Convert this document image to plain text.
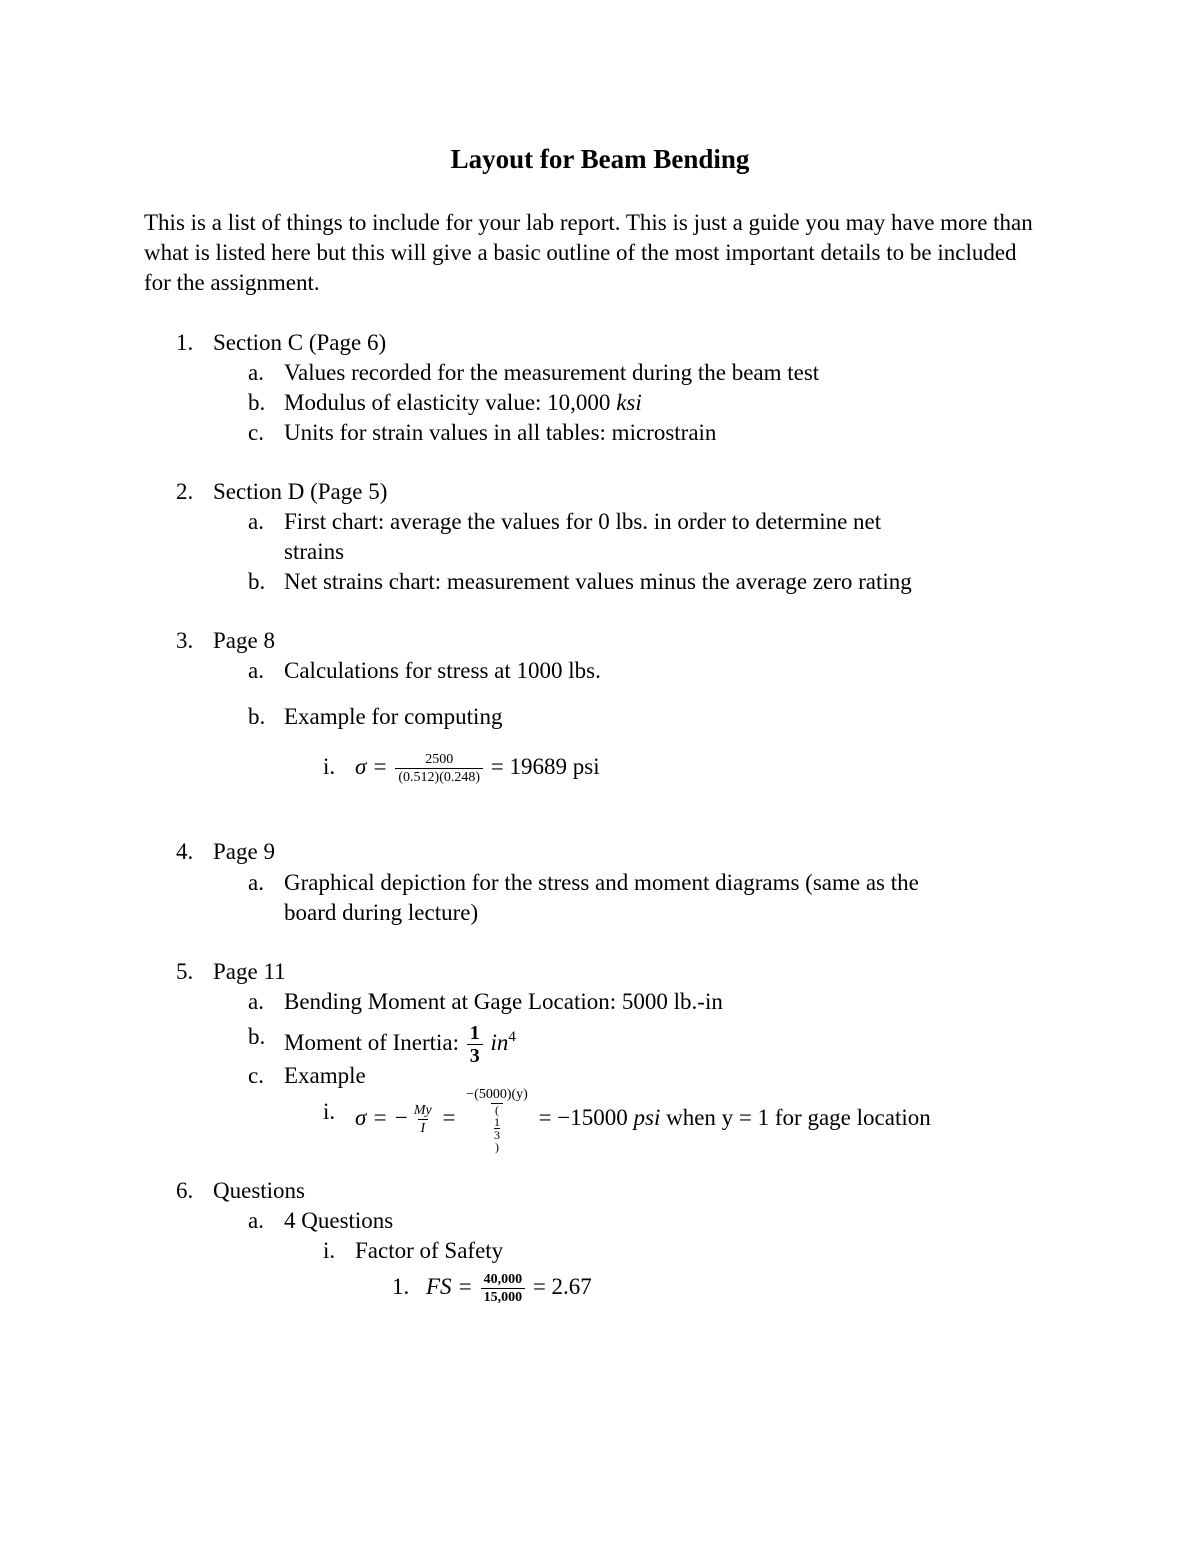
Layout for Beam Bending
This is a list of things to include for your lab report. This is just a guide you may have more than what is listed here but this will give a basic outline of the most important details to be included for the assignment.
1. Section C (Page 6)
a. Values recorded for the measurement during the beam test
b. Modulus of elasticity value: 10,000 ksi
c. Units for strain values in all tables: microstrain
2. Section D (Page 5)
a. First chart: average the values for 0 lbs. in order to determine net
strains
b. Net strains chart: measurement values minus the average zero rating
3. Page 8
a. Calculations for stress at 1000 lbs.
b. Example for computing
i. $\sigma = \frac{2500}{(0.512)(0.248)} = 19689$ psi
4. Page 9
a. Graphical depiction for the stress and moment diagrams (same as the
board during lecture)
5. Page 11
a. Bending Moment at Gage Location: 5000 lb.-in
b. Moment of Inertia: $\frac{1}{3} in^4$
c. Example
i. σ = − $\frac{My}{I} = -(5000)(y)$
(
1
3
) = −15000 psi when y = 1 for gage location
6. Questions
a. 4 Questions
i. Factor of Safety
1. FS = $\frac{40,000}{15,000} = 2.67$
